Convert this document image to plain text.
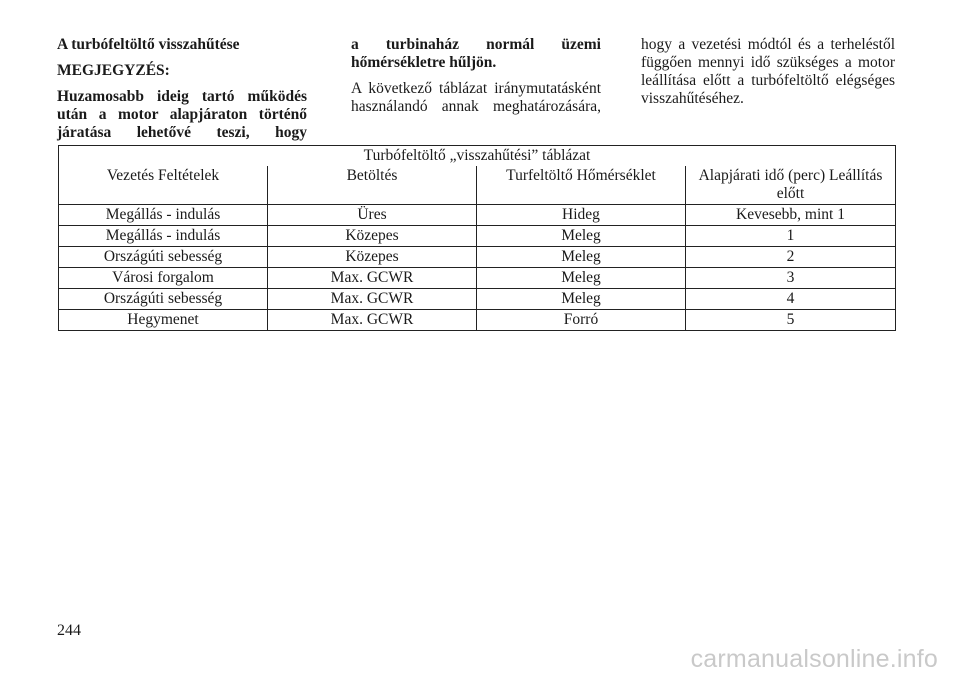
A turbófeltöltő visszahűtése
MEGJEGYZÉS:
Huzamosabb ideig tartó működés után a motor alapjáraton történő járatása lehetővé teszi, hogy
a turbinaház normál üzemi hőmérsékletre hűljön.
A következő táblázat iránymutatásként használandó annak meghatározására,
hogy a vezetési módtól és a terheléstől függően mennyi idő szükséges a motor leállítása előtt a turbófeltöltő elégséges visszahűtéséhez.
Turbófeltöltő „visszahűtési” táblázat			
Vezetés Feltételek	Betöltés	Turfeltöltő Hőmérséklet	Alapjárati idő (perc) Leállítás előtt
Megállás - indulás	Üres	Hideg	Kevesebb, mint 1
Megállás - indulás	Közepes	Meleg	1
Országúti sebesség	Közepes	Meleg	2
Városi forgalom	Max. GCWR	Meleg	3
Országúti sebesség	Max. GCWR	Meleg	4
Hegymenet	Max. GCWR	Forró	5
244
carmanualsonline.info
